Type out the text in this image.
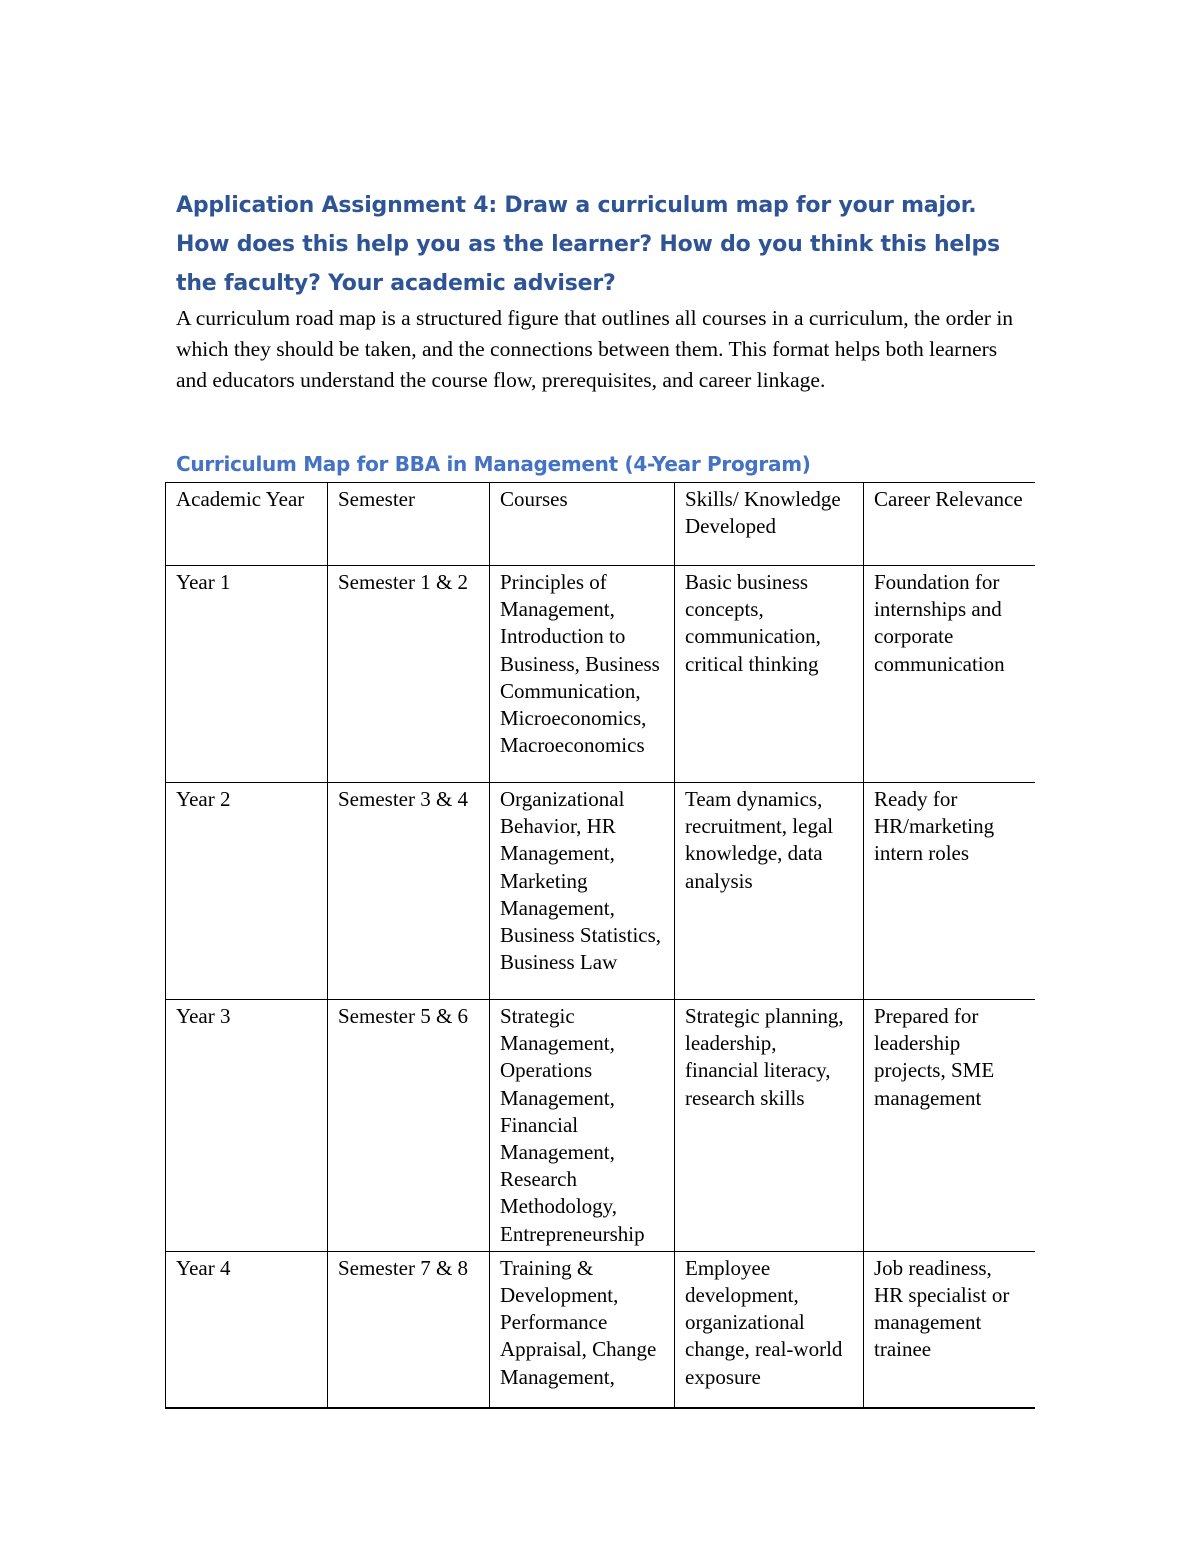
Application Assignment 4: Draw a curriculum map for your major. How does this help you as the learner? How do you think this helps the faculty? Your academic adviser?
A curriculum road map is a structured figure that outlines all courses in a curriculum, the order in which they should be taken, and the connections between them. This format helps both learners and educators understand the course flow, prerequisites, and career linkage.
Curriculum Map for BBA in Management (4-Year Program)
Academic Year	Semester	Courses	Skills/ Knowledge Developed	Career Relevance
Year 1	Semester 1 & 2	Principles of Management, Introduction to Business, Business Communication, Microeconomics, Macroeconomics	Basic business concepts, communication, critical thinking	Foundation for internships and corporate communication
Year 2	Semester 3 & 4	Organizational Behavior, HR Management, Marketing Management, Business Statistics, Business Law	Team dynamics, recruitment, legal knowledge, data analysis	Ready for HR/marketing intern roles
Year 3	Semester 5 & 6	Strategic Management, Operations Management, Financial Management, Research Methodology, Entrepreneurship	Strategic planning, leadership, financial literacy, research skills	Prepared for leadership projects, SME management
Year 4	Semester 7 & 8	Training & Development, Performance Appraisal, Change Management,	Employee development, organizational change, real-world exposure	Job readiness, HR specialist or management trainee
